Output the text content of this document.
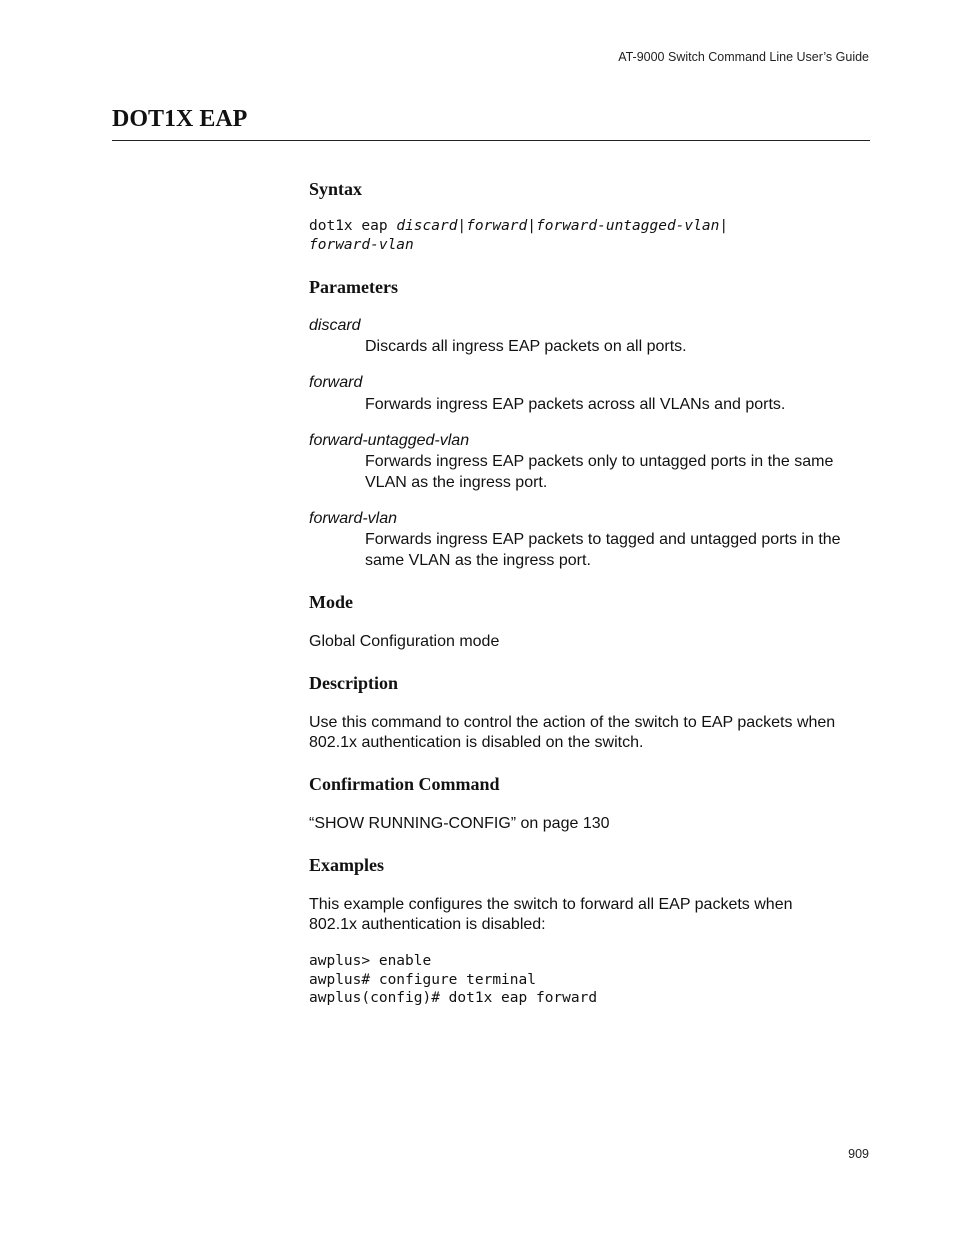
AT-9000 Switch Command Line User’s Guide
DOT1X EAP
Syntax
dot1x eap discard|forward|forward-untagged-vlan|
forward-vlan
Parameters
discard
Discards all ingress EAP packets on all ports.
forward
Forwards ingress EAP packets across all VLANs and ports.
forward-untagged-vlan
Forwards ingress EAP packets only to untagged ports in the same VLAN as the ingress port.
forward-vlan
Forwards ingress EAP packets to tagged and untagged ports in the same VLAN as the ingress port.
Mode

Global Configuration mode

Description

Use this command to control the action of the switch to EAP packets when 802.1x authentication is disabled on the switch.

Confirmation Command

“SHOW RUNNING-CONFIG” on page 130

Examples

This example configures the switch to forward all EAP packets when 802.1x authentication is disabled:

awplus> enable
awplus# configure terminal
awplus(config)# dot1x eap forward
909
